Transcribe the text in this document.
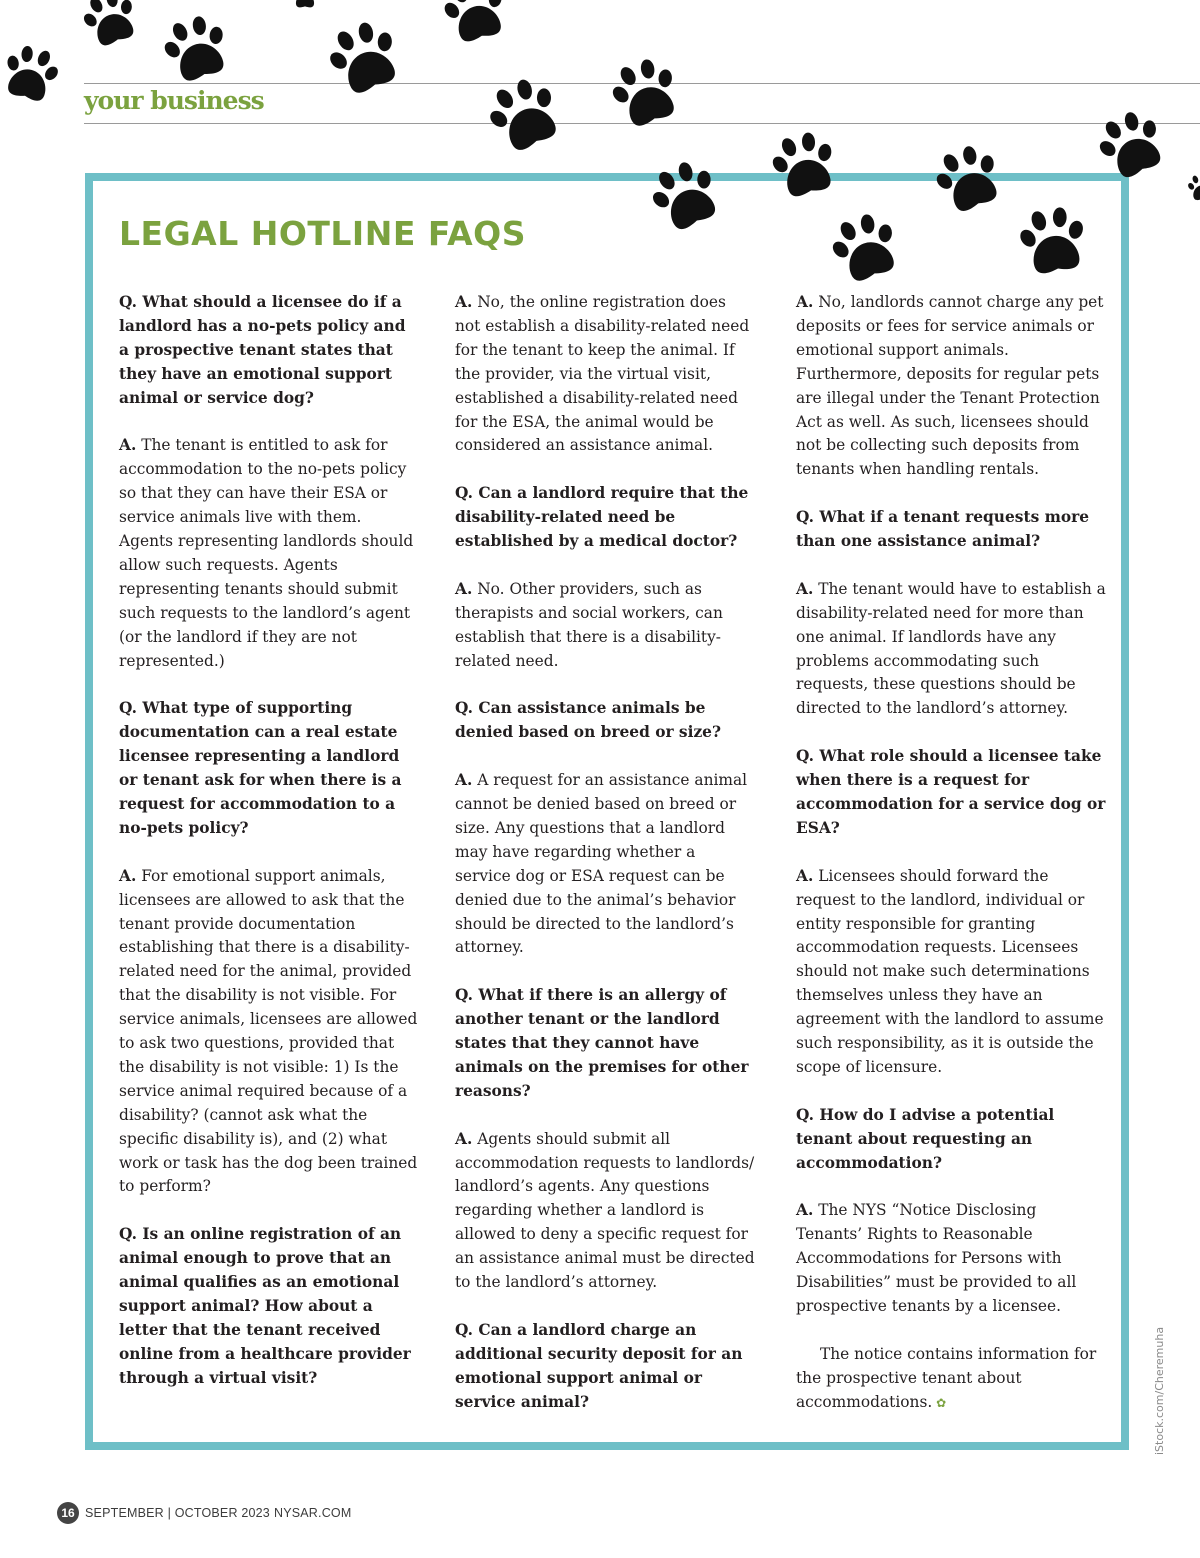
your business
LEGAL HOTLINE FAQS

Q. What should a licensee do if a landlord has a no-pets policy and a prospective tenant states that they have an emotional support animal or service dog?

A. The tenant is entitled to ask for accommodation to the no-pets policy so that they can have their ESA or service animals live with them. Agents representing landlords should allow such requests. Agents representing tenants should submit such requests to the landlord’s agent (or the landlord if they are not represented.)

Q. What type of supporting documentation can a real estate licensee representing a landlord or tenant ask for when there is a request for accommodation to a no-pets policy?

A. For emotional support animals, licensees are allowed to ask that the tenant provide documentation establishing that there is a disability-related need for the animal, provided that the disability is not visible. For service animals, licensees are allowed to ask two questions, provided that the disability is not visible: 1) Is the service animal required because of a disability? (cannot ask what the specific disability is), and (2) what work or task has the dog been trained to perform?

Q. Is an online registration of an animal enough to prove that an animal qualifies as an emotional support animal? How about a letter that the tenant received online from a healthcare provider through a virtual visit?

A. No, the online registration does not establish a disability-related need for the tenant to keep the animal. If the provider, via the virtual visit, established a disability-related need for the ESA, the animal would be considered an assistance animal.

Q. Can a landlord require that the disability-related need be established by a medical doctor?

A. No. Other providers, such as therapists and social workers, can establish that there is a disability-related need.

Q. Can assistance animals be denied based on breed or size?

A. A request for an assistance animal cannot be denied based on breed or size. Any questions that a landlord may have regarding whether a service dog or ESA request can be denied due to the animal’s behavior should be directed to the landlord’s attorney.

Q. What if there is an allergy of another tenant or the landlord states that they cannot have animals on the premises for other reasons?

A. Agents should submit all accommodation requests to landlords/ landlord’s agents. Any questions regarding whether a landlord is allowed to deny a specific request for an assistance animal must be directed to the landlord’s attorney.

Q. Can a landlord charge an additional security deposit for an emotional support animal or service animal?

A. No, landlords cannot charge any pet deposits or fees for service animals or emotional support animals. Furthermore, deposits for regular pets are illegal under the Tenant Protection Act as well. As such, licensees should not be collecting such deposits from tenants when handling rentals.

Q. What if a tenant requests more than one assistance animal?

A. The tenant would have to establish a disability-related need for more than one animal. If landlords have any problems accommodating such requests, these questions should be directed to the landlord’s attorney.

Q. What role should a licensee take when there is a request for accommodation for a service dog or ESA?

A. Licensees should forward the request to the landlord, individual or entity responsible for granting accommodation requests. Licensees should not make such determinations themselves unless they have an agreement with the landlord to assume such responsibility, as it is outside the scope of licensure.

Q. How do I advise a potential tenant about requesting an accommodation?

A. The NYS “Notice Disclosing Tenants’ Rights to Reasonable Accommodations for Persons with Disabilities” must be provided to all prospective tenants by a licensee.

The notice contains information for the prospective tenant about accommodations. ✿	iStock.com/Cheremuha
16 SEPTEMBER | OCTOBER 2023 NYSAR.COM
